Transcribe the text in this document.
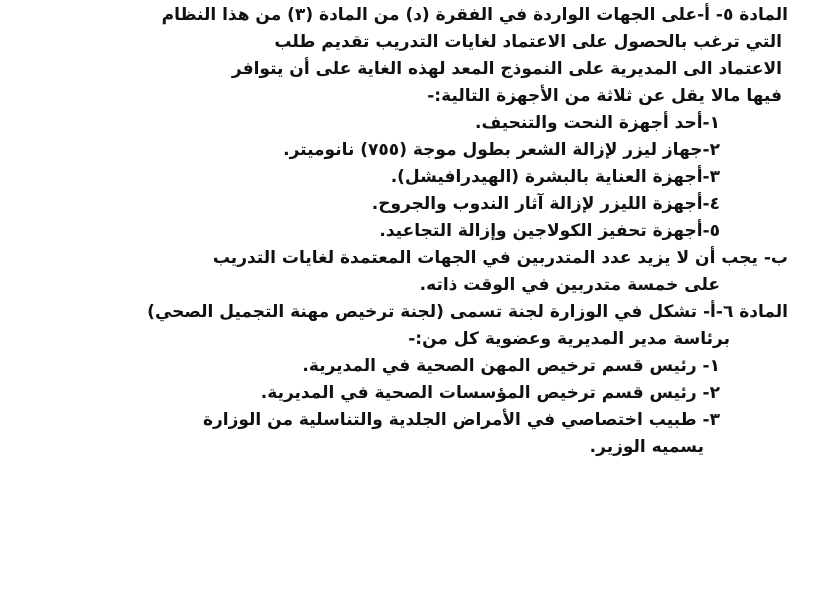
المادة ٥- أ-على الجهات الواردة في الفقرة (د) من المادة (٣) من هذا النظام
التي ترغب بالحصول على الاعتماد لغايات التدريب تقديم طلب
الاعتماد الى المديرية على النموذج المعد لهذه الغاية على أن يتوافر
فيها مالا يقل عن ثلاثة من الأجهزة التالية:-
١-أحد أجهزة النحت والتنحيف.
٢-جهاز ليزر لإزالة الشعر بطول موجة (٧٥٥) نانوميتر.
٣-أجهزة العناية بالبشرة (الهيدرافيشل).
٤-أجهزة الليزر لإزالة آثار الندوب والجروح.
٥-أجهزة تحفيز الكولاجين وإزالة التجاعيد.
ب- يجب أن لا يزيد عدد المتدربين في الجهات المعتمدة لغايات التدريب
على خمسة متدربين في الوقت ذاته.
المادة ٦-أ- تشكل في الوزارة لجنة تسمى (لجنة ترخيص مهنة التجميل الصحي)
برئاسة مدير المديرية وعضوية كل من:-
١- رئيس قسم ترخيص المهن الصحية في المديرية.
٢- رئيس قسم ترخيص المؤسسات الصحية في المديرية.
٣- طبيب اختصاصي في الأمراض الجلدية والتناسلية من الوزارة
يسميه الوزير.
